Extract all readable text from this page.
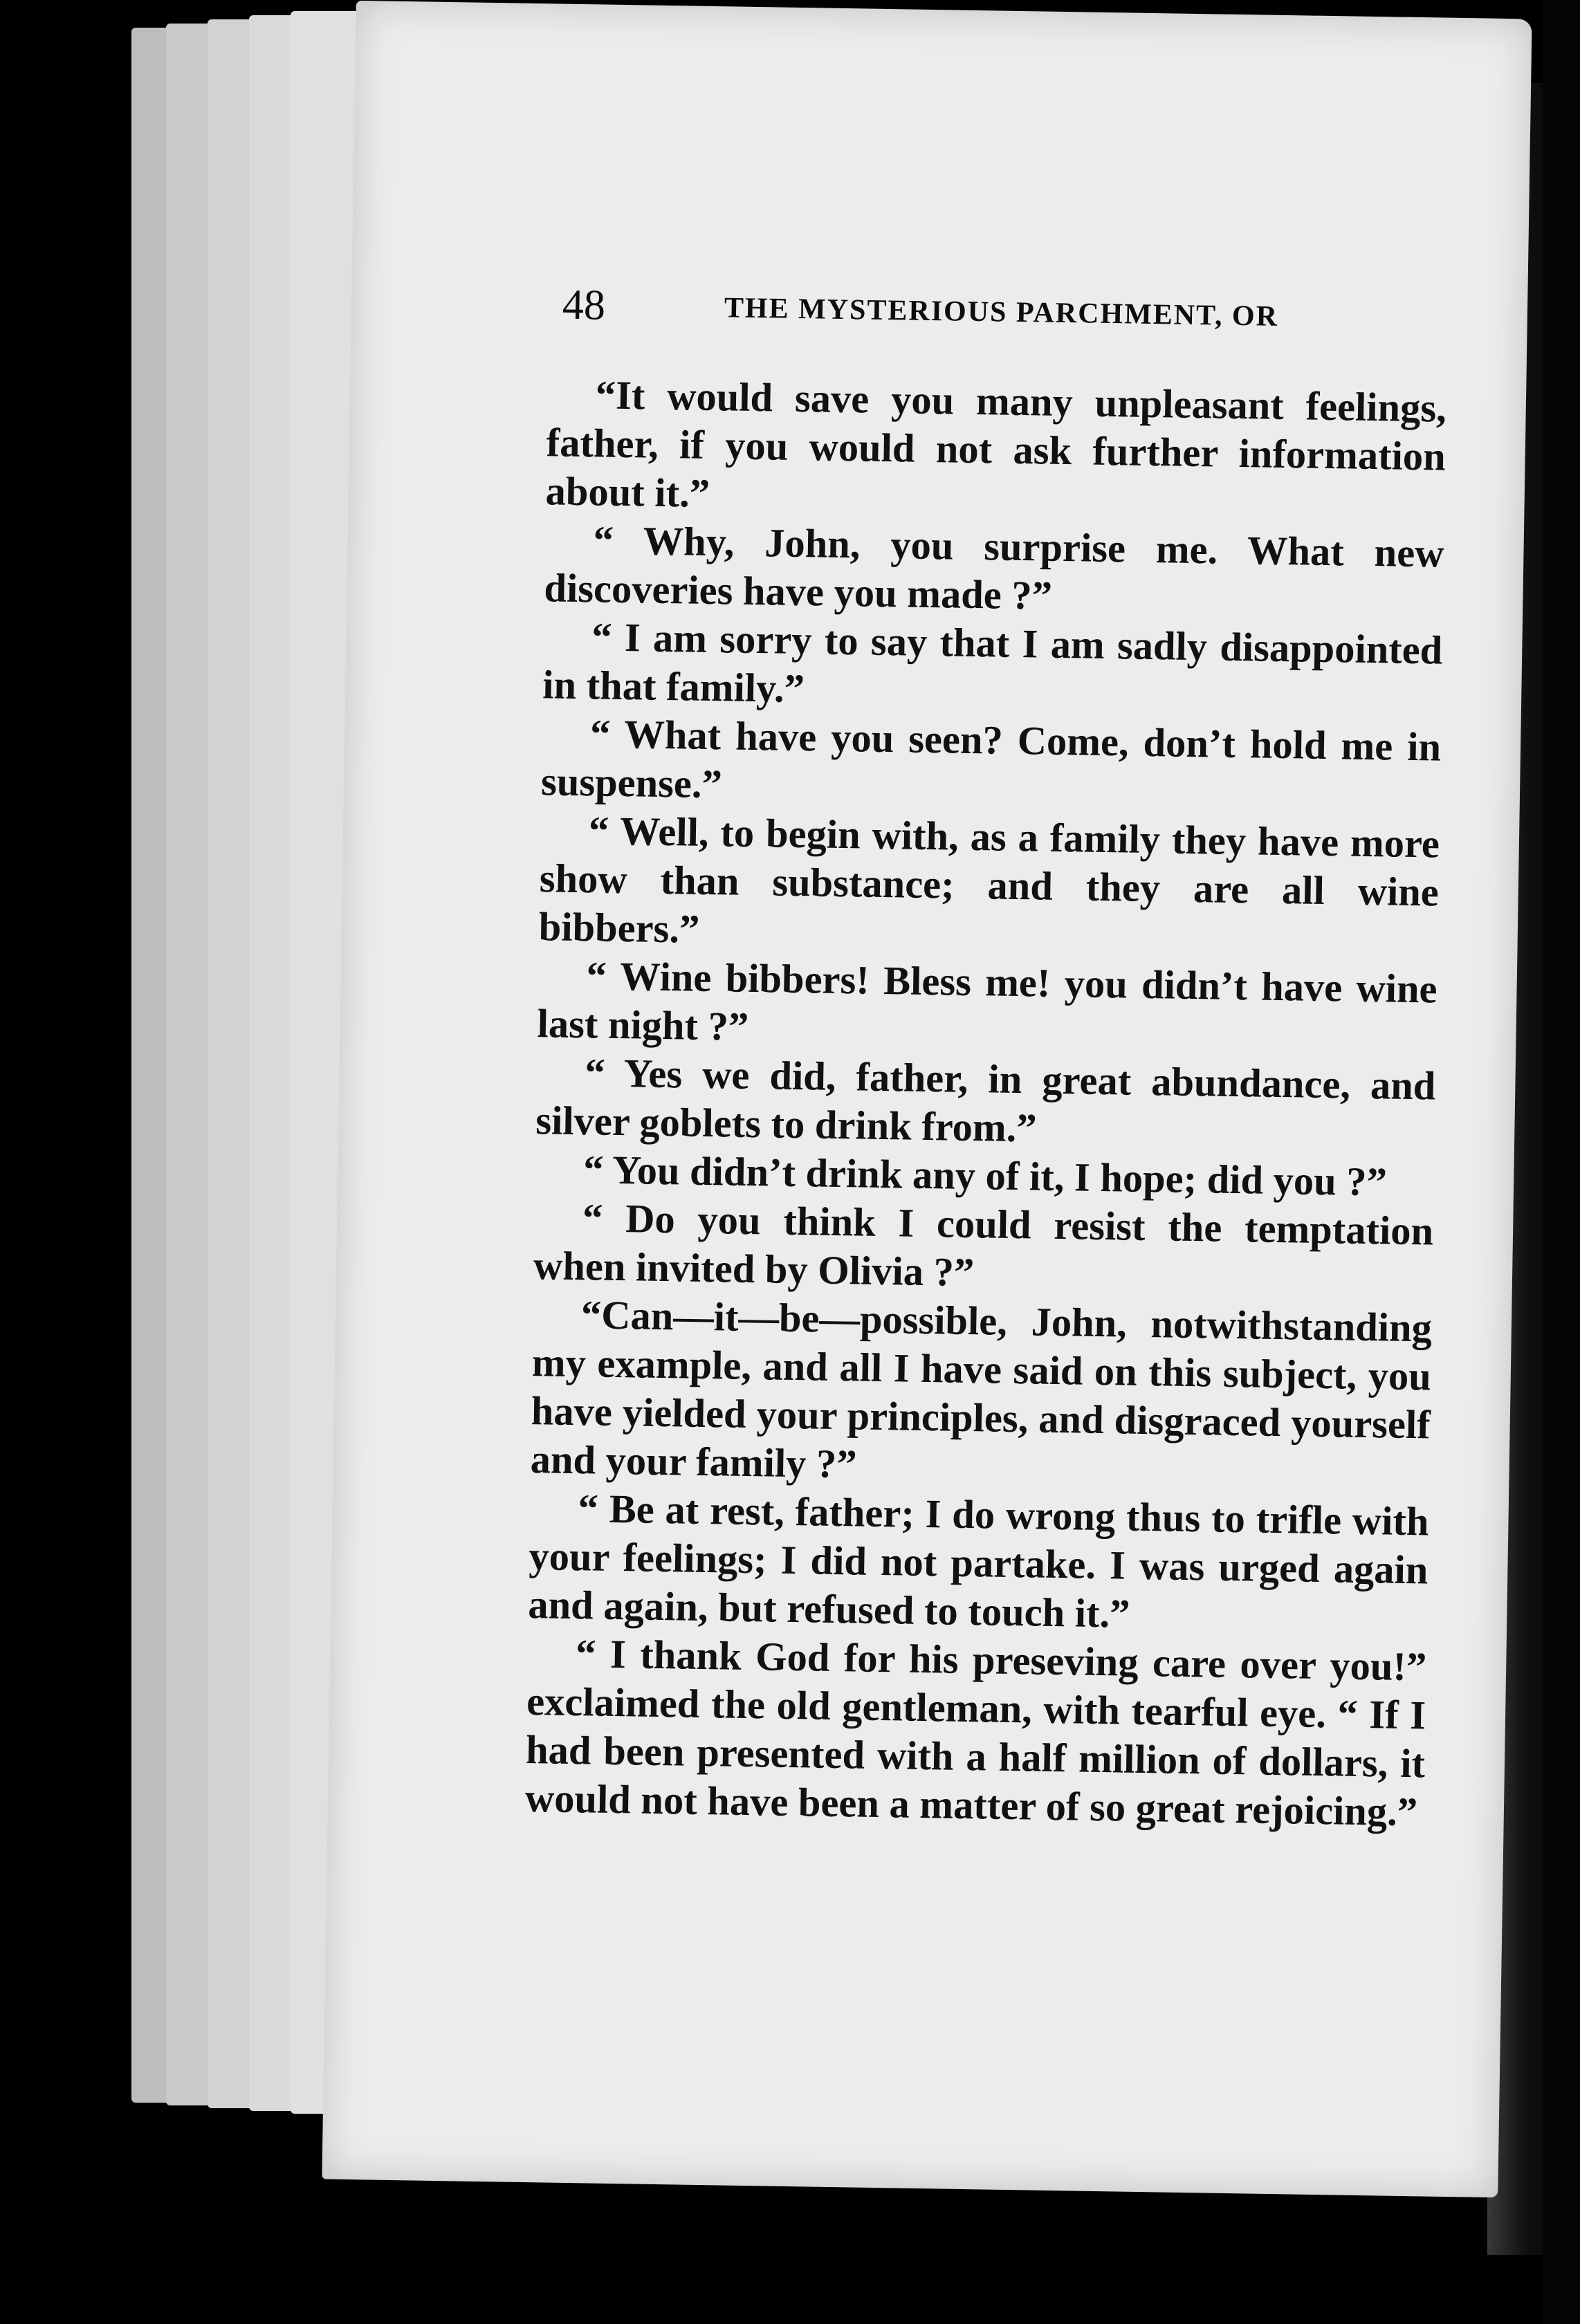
48	THE MYSTERIOUS PARCHMENT, OR

“It would save you many unpleasant feelings, father, if you would not ask further information about it.”

“ Why, John, you surprise me. What new discoveries have you made ?”

“ I am sorry to say that I am sadly disappointed in that family.”

“ What have you seen? Come, don’t hold me in suspense.”

“ Well, to begin with, as a family they have more show than substance; and they are all wine bibbers.”

“ Wine bibbers! Bless me! you didn’t have wine last night ?”

“ Yes we did, father, in great abundance, and silver goblets to drink from.”

“ You didn’t drink any of it, I hope; did you ?”

“ Do you think I could resist the temptation when invited by Olivia ?”

“Can—it—be—possible, John, notwithstanding my example, and all I have said on this subject, you have yielded your principles, and disgraced yourself and your family ?”

“ Be at rest, father; I do wrong thus to trifle with your feelings; I did not partake. I was urged again and again, but refused to touch it.”

“ I thank God for his preseving care over you!” exclaimed the old gentleman, with tearful eye. “ If I had been presented with a half million of dollars, it would not have been a matter of so great rejoicing.”
